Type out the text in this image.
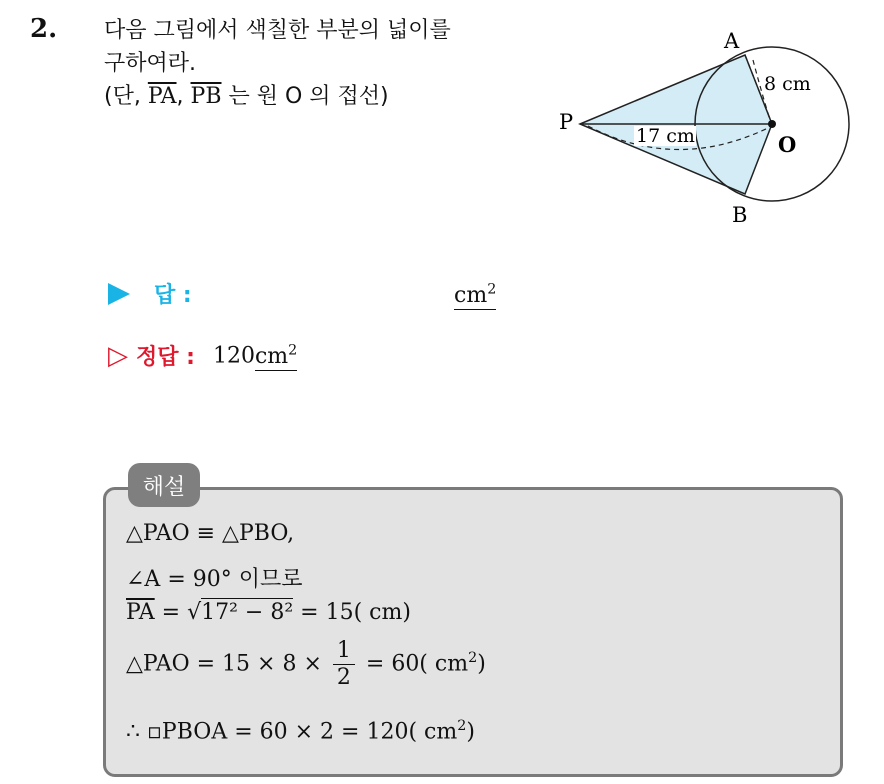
2. 다음 그림에서 색칠한 부분의 넓이를
구하여라.
(단, $\overline{PA}$, $\overline{PB}$ 는 원 O 의 접선)
17 cm
8 cm
A
B
P
O
답 :	$cm^2$
▷ 정답 : $120cm^2$
해설
△PAO ≡ △PBO,
∠A = 90° 이므로
$\overline{PA} = √17^2 - 8^2 = 15$( cm)
△PAO = $15 \times 8 \times \frac{1}{2} = 60$( $cm^2$)
∴ ▫PBOA = 60 × 2 = 120( $cm^2$)
